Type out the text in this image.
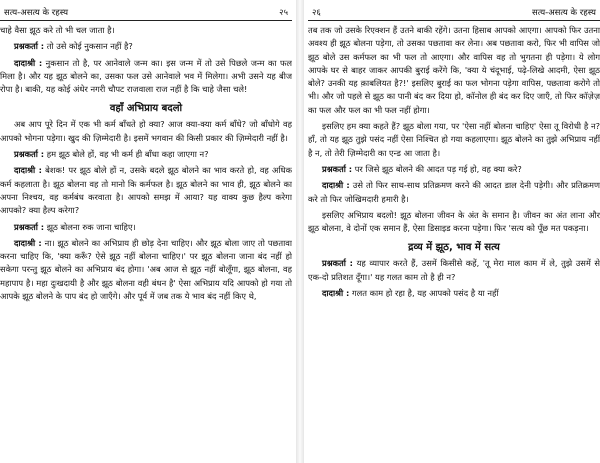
सत्य-असत्य के रहस्य	२५

चाहे वैसा झूठ करे तो भी चल जाता है।

प्रश्नकर्ता : तो उसे कोई नुकसान नहीं है?

दादाश्री : नुकसान तो है, पर आनेवाले जन्म का। इस जन्म में तो उसे पिछले जन्म का फल मिला है। और यह झूठ बोलने का, उसका फल उसे आनेवाले भव में मिलेगा। अभी उसने यह बीज रोपा है। बाकी, यह कोई अंधेर नगरी चौपट राजवाला राज नहीं है कि चाहे जैसा चले!

वहाँ अभिप्राय बदलो

अब आप पूरे दिन में एक भी कर्म बाँधते हो क्या? आज क्या-क्या कर्म बाँधे? जो बाँधोगे वह आपको भोगना पड़ेगा। खुद की ज़िम्मेदारी है। इसमें भगवान की किसी प्रकार की ज़िम्मेदारी नहीं है।

प्रश्नकर्ता : हम झूठ बोले हों, वह भी कर्म ही बाँधा कहा जाएगा न?

दादाश्री : बेशक! पर झूठ बोले हों न, उसके बदले झूठ बोलने का भाव करते हो, वह अधिक कर्म कहलाता है। झूठ बोलना वह तो मानो कि कर्मफल है। झूठ बोलने का भाव ही, झूठ बोलने का अपना निश्चय, वह कर्मबंध करवाता है। आपको समझ में आया? यह वाक्य कुछ हैल्प करेगा आपको? क्या हैल्प करेगा?

प्रश्नकर्ता : झूठ बोलना रुक जाना चाहिए।

दादाश्री : ना। झूठ बोलने का अभिप्राय ही छोड़ देना चाहिए। और झूठ बोला जाए तो पछतावा करना चाहिए कि, 'क्या करूँ? ऐसे झूठ नहीं बोलना चाहिए।' पर झूठ बोलना जाना बंद नहीं हो सकेगा परन्तु झूठ बोलने का अभिप्राय बंद होगा। 'अब आज से झूठ नहीं बोलूँगा, झूठ बोलना, वह महापाप है। महा दुःखदायी है और झूठ बोलना वही बंधन है' ऐसा अभिप्राय यदि आपको हो गया तो आपके झूठ बोलने के पाप बंद हो जाएँगे। और पूर्व में जब तक ये भाव बंद नहीं किए थे,

२६	सत्य-असत्य के रहस्य

तब तक जो उसके रिएक्शन हैं उतने बाकी रहेंगे। उतना हिसाब आपको आएगा। आपको फिर उतना अवश्य ही झूठ बोलना पड़ेगा, तो उसका पछतावा कर लेना। अब पछतावा करो, फिर भी वापिस जो झूठ बोले उस कर्मफल का भी फल तो आएगा। और वापिस वह तो भुगतना ही पड़ेगा। ये लोग आपके घर से बाहर जाकर आपकी बुराई करेंगे कि, 'क्या ये चंदूभाई, पढ़े-लिखे आदमी, ऐसा झूठ बोले? उनकी यह क़ाबलियत है?!' इसलिए बुराई का फल भोगना पड़ेगा वापिस, पछतावा करोगे तो भी। और जो पहले से झूठ का पानी बंद कर दिया हो, कॉनोल ही बंद कर दिए जाएँ, तो फिर कॉज़ेज़ का फल और फल का भी फल नहीं होगा।

इसलिए हम क्या कहते हैं? झूठ बोला गया, पर 'ऐसा नहीं बोलना चाहिए' ऐसा तू विरोधी है न? हाँ, तो यह झूठ तुझे पसंद नहीं ऐसा निश्चित हो गया कहलाएगा। झूठ बोलने का तुझे अभिप्राय नहीं है न, तो तेरी ज़िम्मेदारी का एन्ड आ जाता है।

प्रश्नकर्ता : पर जिसे झूठ बोलने की आदत पड़ गई हो, वह क्या करे?

दादाश्री : उसे तो फिर साथ-साथ प्रतिक्रमण करने की आदत डाल देनी पड़ेगी। और प्रतिक्रमण करे तो फिर जोखिमदारी हमारी है।

इसलिए अभिप्राय बदलो! झूठ बोलना जीवन के अंत के समान है। जीवन का अंत लाना और झूठ बोलना, वे दोनों एक समान हैं, ऐसा डिसाइड करना पड़ेगा। फिर 'सत्य को पूँछ मत पकड़ना।

द्रव्य में झूठ, भाव में सत्य

प्रश्नकर्ता : यह व्यापार करते हैं, उसमें किसीसे कहें, 'तू मेरा माल काम में ले, तुझे उसमें से एक-दो प्रतिशत दूँगा।' यह गलत काम तो है ही न?

दादाश्री : गलत काम हो रहा है, यह आपको पसंद है या नहीं
